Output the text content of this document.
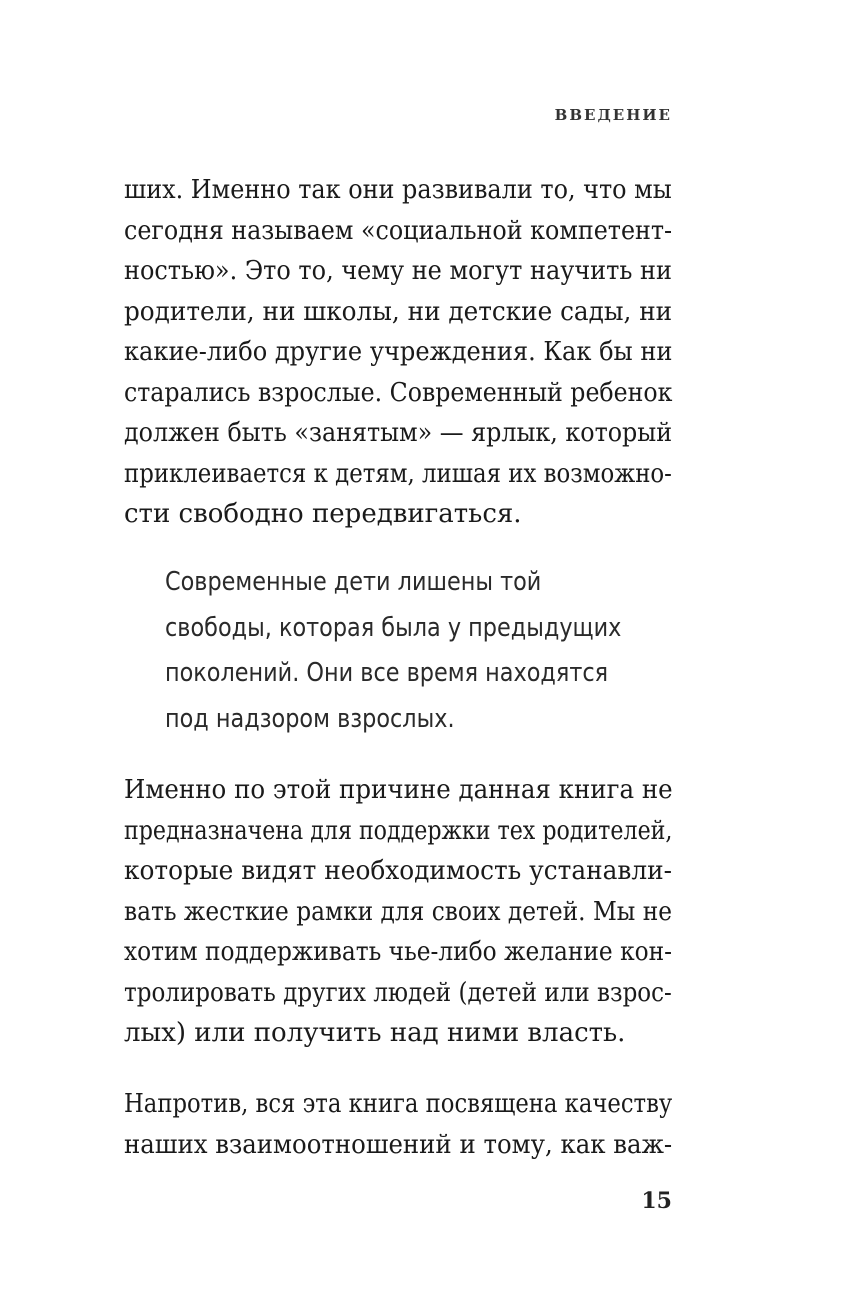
ВВЕДЕНИЕ
ших. Именно так они развивали то, что мы
сегодня называем «социальной компетент-
ностью». Это то, чему не могут научить ни
родители, ни школы, ни детские сады, ни
какие-либо другие учреждения. Как бы ни
старались взрослые. Современный ребенок
должен быть «занятым» — ярлык, который
приклеивается к детям, лишая их возможно-
сти свободно передвигаться.
Современные дети лишены той
свободы, которая была у предыдущих
поколений. Они все время находятся
под надзором взрослых.
Именно по этой причине данная книга не
предназначена для поддержки тех родителей,
которые видят необходимость устанавли-
вать жесткие рамки для своих детей. Мы не
хотим поддерживать чье-либо желание кон-
тролировать других людей (детей или взрос-
лых) или получить над ними власть.
Напротив, вся эта книга посвящена качеству
наших взаимоотношений и тому, как важ-
15
